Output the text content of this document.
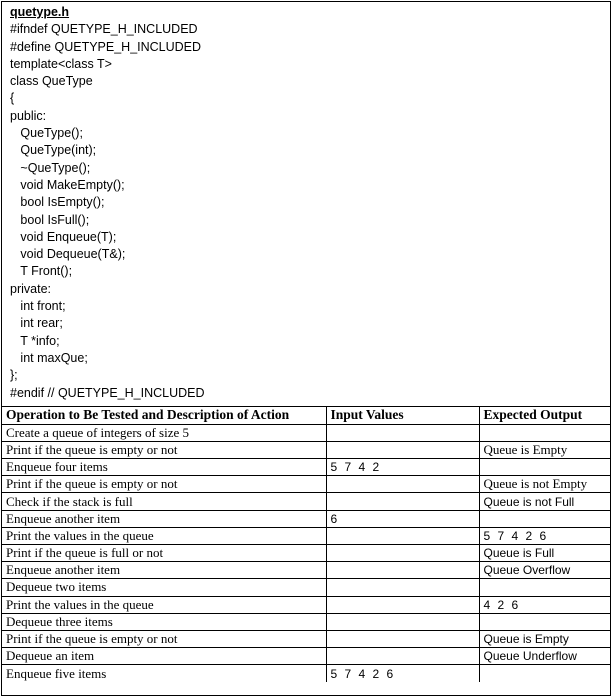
quetype.h
#ifndef QUETYPE_H_INCLUDED
#define QUETYPE_H_INCLUDED
template<class T>
class QueType
{
public:
QueType();
QueType(int);
~QueType();
void MakeEmpty();
bool IsEmpty();
bool IsFull();
void Enqueue(T);
void Dequeue(T&);
T Front();
private:
int front;
int rear;
T *info;
int maxQue;
};
#endif // QUETYPE_H_INCLUDED
Operation to Be Tested and Description of Action	Input Values	Expected Output
Create a queue of integers of size 5		
Print if the queue is empty or not		Queue is Empty
Enqueue four items	5 7 4 2	
Print if the queue is empty or not		Queue is not Empty
Check if the stack is full		Queue is not Full
Enqueue another item	6	
Print the values in the queue		5 7 4 2 6
Print if the queue is full or not		Queue is Full
Enqueue another item		Queue Overflow
Dequeue two items		
Print the values in the queue		4 2 6
Dequeue three items		
Print if the queue is empty or not		Queue is Empty
Dequeue an item		Queue Underflow
Enqueue five items	5 7 4 2 6	
